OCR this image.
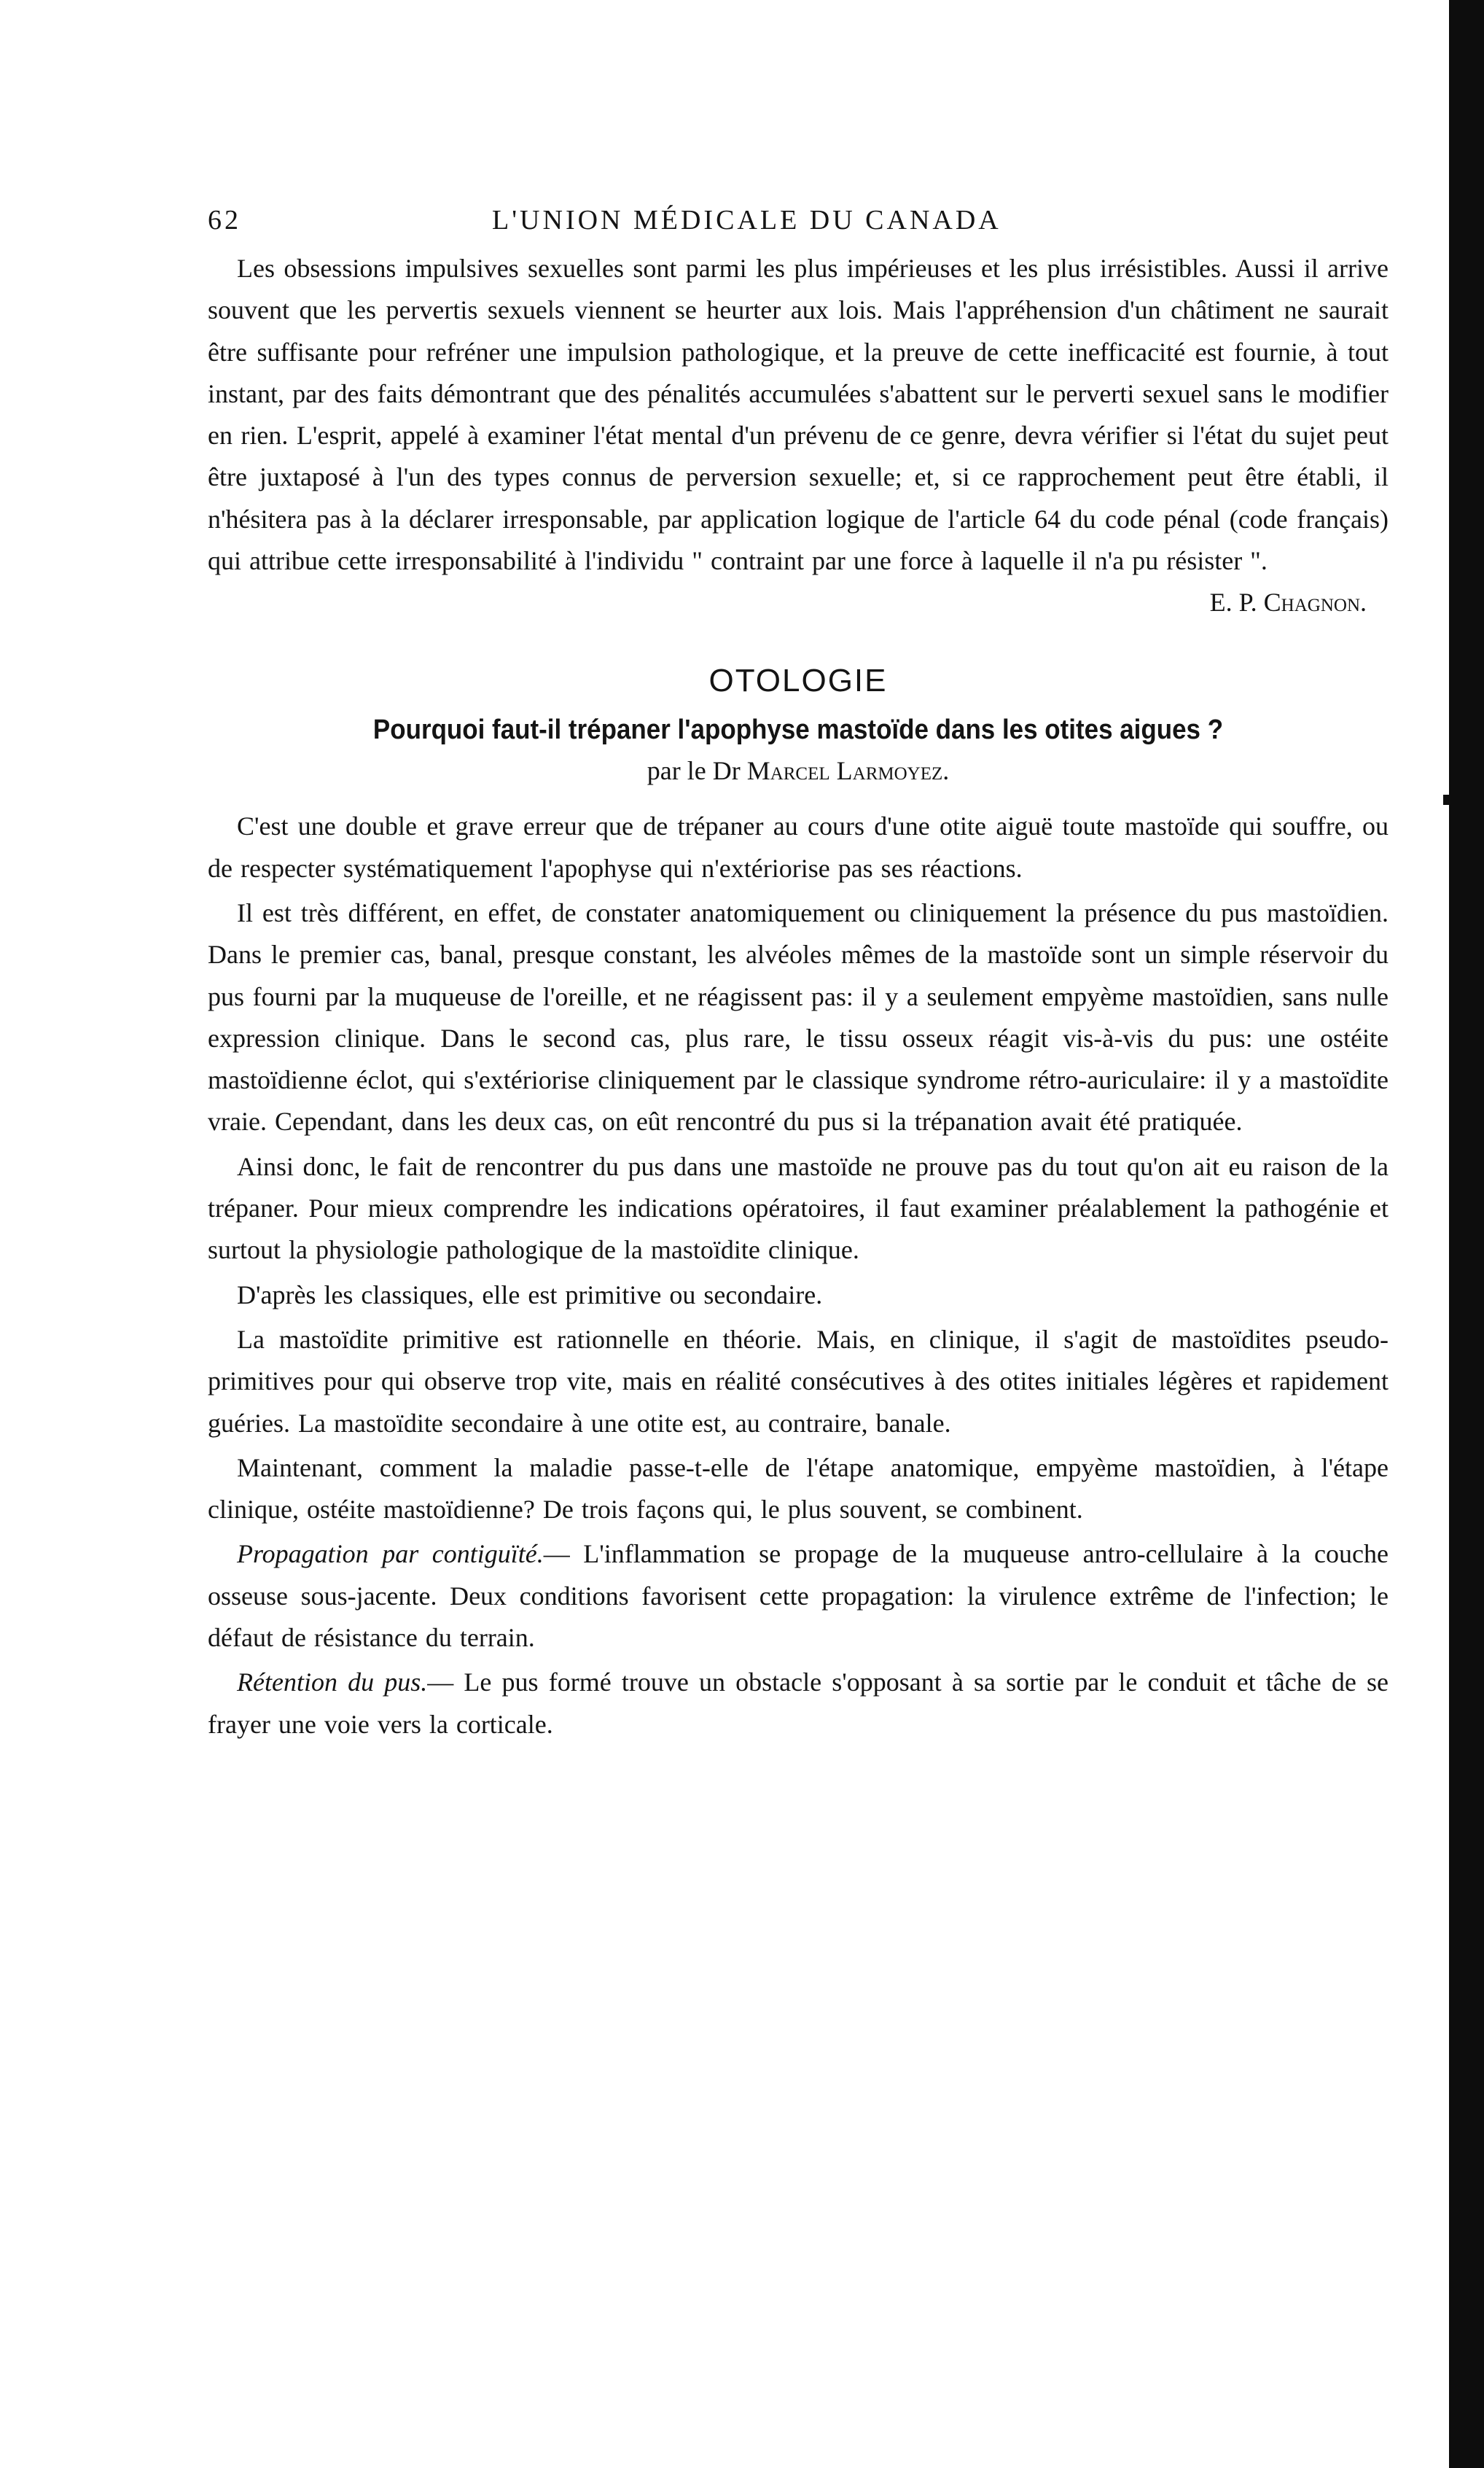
62	L'UNION MÉDICALE DU CANADA

Les obsessions impulsives sexuelles sont parmi les plus impérieuses et les plus irrésistibles. Aussi il arrive souvent que les pervertis sexuels viennent se heurter aux lois. Mais l'appréhension d'un châtiment ne saurait être suffisante pour refréner une impulsion pathologique, et la preuve de cette inefficacité est fournie, à tout instant, par des faits démontrant que des pénalités accumulées s'abattent sur le perverti sexuel sans le modifier en rien. L'esprit, appelé à examiner l'état mental d'un prévenu de ce genre, devra vérifier si l'état du sujet peut être juxtaposé à l'un des types connus de perversion sexuelle; et, si ce rapprochement peut être établi, il n'hésitera pas à la déclarer irresponsable, par application logique de l'article 64 du code pénal (code français) qui attribue cette irresponsabilité à l'individu " contraint par une force à laquelle il n'a pu résister ".

E. P. Chagnon.
OTOLOGIE
Pourquoi faut-il trépaner l'apophyse mastoïde dans les otites aigues ?
par le Dr Marcel Larmoyez.

C'est une double et grave erreur que de trépaner au cours d'une otite aiguë toute mastoïde qui souffre, ou de respecter systématiquement l'apophyse qui n'extériorise pas ses réactions.

Il est très différent, en effet, de constater anatomiquement ou cliniquement la présence du pus mastoïdien. Dans le premier cas, banal, presque constant, les alvéoles mêmes de la mastoïde sont un simple réservoir du pus fourni par la muqueuse de l'oreille, et ne réagissent pas: il y a seulement empyème mastoïdien, sans nulle expression clinique. Dans le second cas, plus rare, le tissu osseux réagit vis-à-vis du pus: une ostéite mastoïdienne éclot, qui s'extériorise cliniquement par le classique syndrome rétro-auriculaire: il y a mastoïdite vraie. Cependant, dans les deux cas, on eût rencontré du pus si la trépanation avait été pratiquée.

Ainsi donc, le fait de rencontrer du pus dans une mastoïde ne prouve pas du tout qu'on ait eu raison de la trépaner. Pour mieux comprendre les indications opératoires, il faut examiner préalablement la pathogénie et surtout la physiologie pathologique de la mastoïdite clinique.

D'après les classiques, elle est primitive ou secondaire.

La mastoïdite primitive est rationnelle en théorie. Mais, en clinique, il s'agit de mastoïdites pseudo-primitives pour qui observe trop vite, mais en réalité consécutives à des otites initiales légères et rapidement guéries. La mastoïdite secondaire à une otite est, au contraire, banale.

Maintenant, comment la maladie passe-t-elle de l'étape anatomique, empyème mastoïdien, à l'étape clinique, ostéite mastoïdienne? De trois façons qui, le plus souvent, se combinent.

Propagation par contiguïté.— L'inflammation se propage de la muqueuse antro-cellulaire à la couche osseuse sous-jacente. Deux conditions favorisent cette propagation: la virulence extrême de l'infection; le défaut de résistance du terrain.

Rétention du pus.— Le pus formé trouve un obstacle s'opposant à sa sortie par le conduit et tâche de se frayer une voie vers la corticale.
